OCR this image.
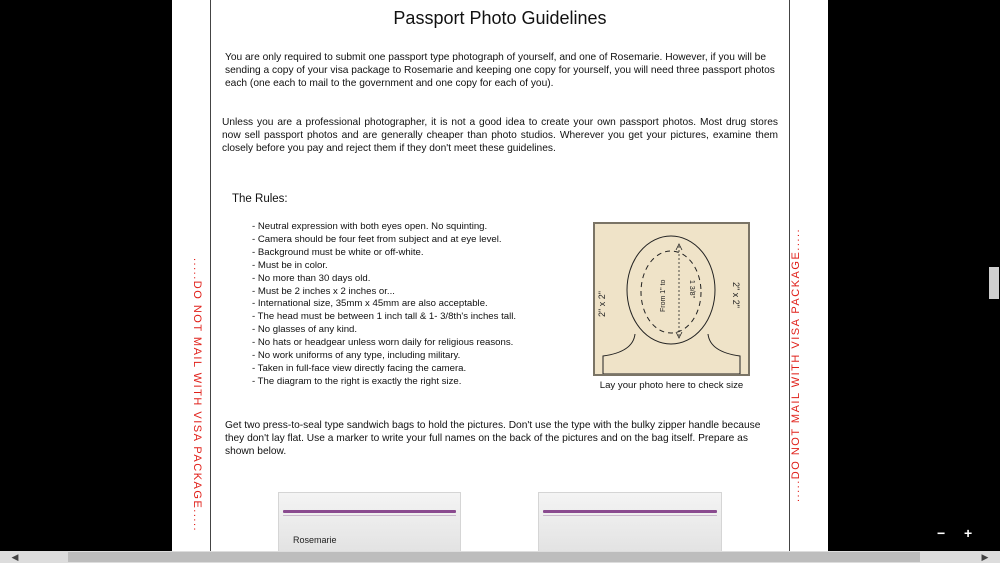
.....DO NOT MAIL WITH VISA PACKAGE.....	.....DO NOT MAIL WITH VISA PACKAGE.....
Passport Photo Guidelines

You are only required to submit one passport type photograph of yourself, and one of Rosemarie. However, if you will be sending a copy of your visa package to Rosemarie and keeping one copy for yourself, you will need three passport photos each (one each to mail to the government and one copy for each of you).

Unless you are a professional photographer, it is not a good idea to create your own passport photos. Most drug stores now sell passport photos and are generally cheaper than photo studios. Wherever you get your pictures, examine them closely before you pay and reject them if they don't meet these guidelines.

The Rules:
- Neutral expression with both eyes open. No squinting.
- Camera should be four feet from subject and at eye level.
- Background must be white or off-white.
- Must be in color.
- No more than 30 days old.
- Must be 2 inches x 2 inches or...
- International size, 35mm x 45mm are also acceptable.
- The head must be between 1 inch tall & 1- 3/8th's inches tall.
- No glasses of any kind.
- No hats or headgear unless worn daily for religious reasons.
- No work uniforms of any type, including military.
- Taken in full-face view directly facing the camera.
- The diagram to the right is exactly the right size.
2" x 2"	2" x 2"
From 1" to	1 3/8"
Lay your photo here to check size

Get two press-to-seal type sandwich bags to hold the pictures. Don't use the type with the bulky zipper handle because they don't lay flat. Use a marker to write your full names on the back of the pictures and on the bag itself. Prepare as shown below.

Rosemarie
◀	▶
− +
